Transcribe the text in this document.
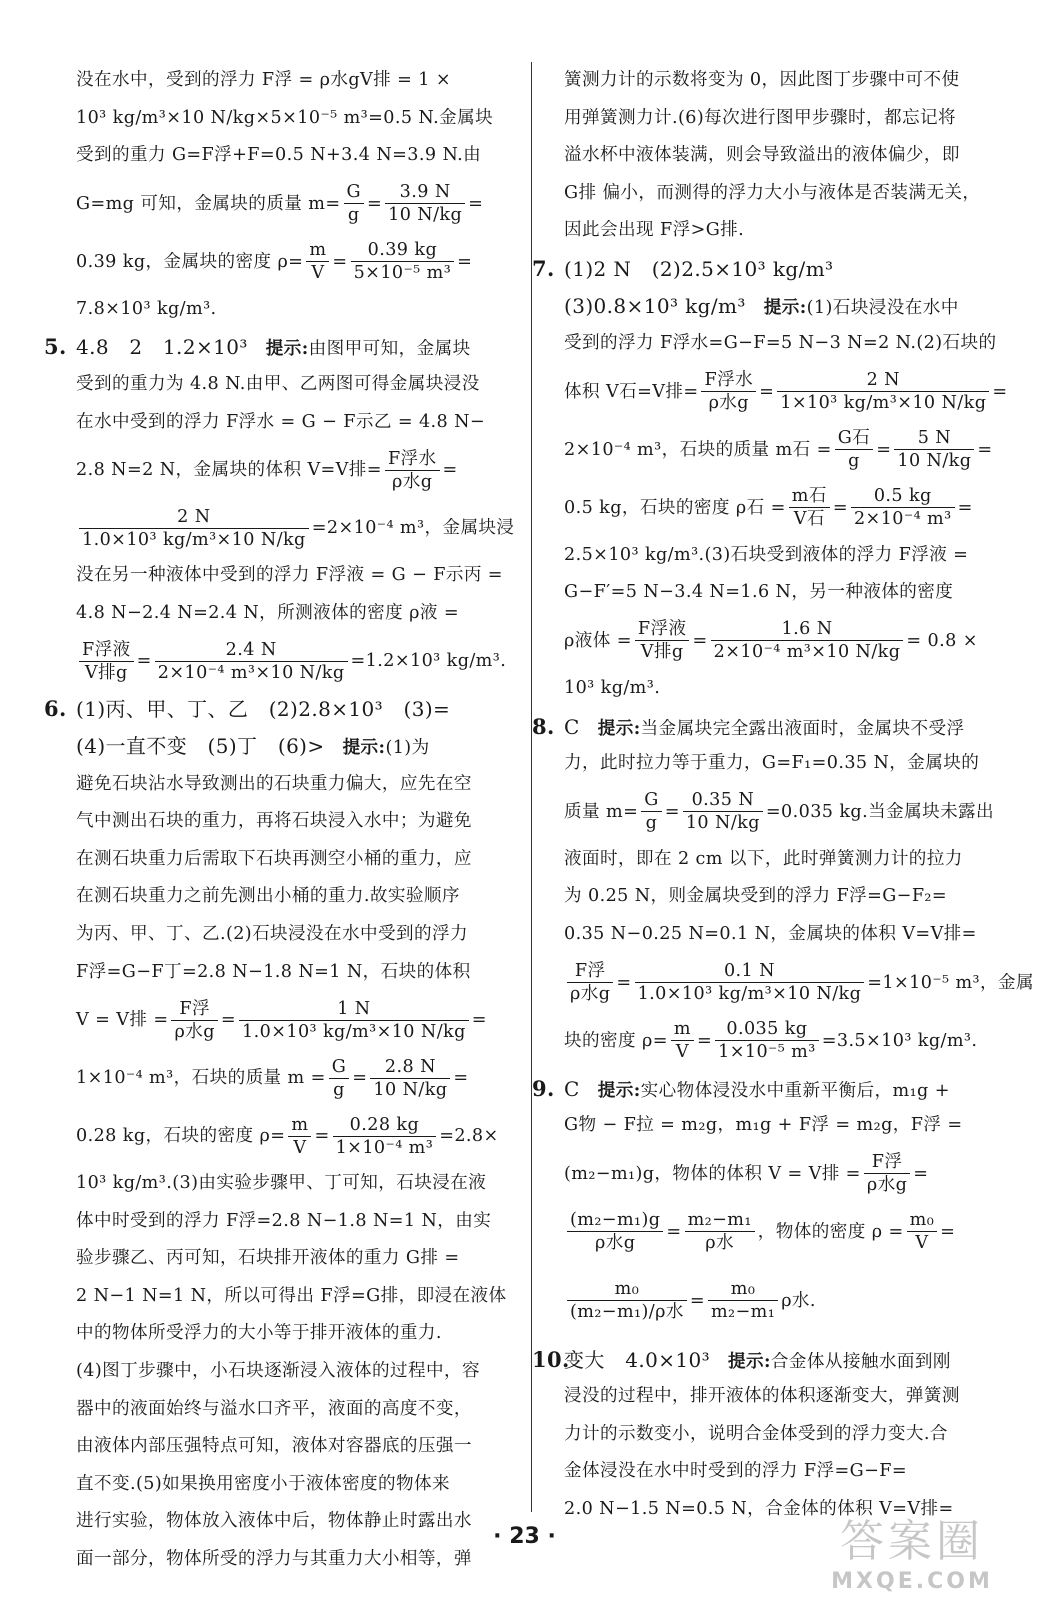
没在水中，受到的浮力 F浮 = ρ水gV排 = 1 ×
10³ kg/m³×10 N/kg×5×10⁻⁵ m³=0.5 N.金属块
受到的重力 G=F浮+F=0.5 N+3.4 N=3.9 N.由
G=mg 可知，金属块的质量 $m= \frac{G}{g} = \frac{3.9 N}{10 N/kg}$ =
0.39 kg，金属块的密度 $\rho= \frac{m}{V} = \frac{0.39 kg}{\text{5×10⁻⁵ m³}}$ =
7.8×10³ kg/m³.
5. 4.8　2　1.2×10³　 提示:由图甲可知，金属块
受到的重力为 4.8 N.由甲、乙两图可得金属块浸没
在水中受到的浮力 F浮水 = G − F示乙 = 4.8 N−
2.8 N=2 N，金属块的体积 V=V排= $\frac{\text{F浮水}}{\text{ρ水g}}$ =
$\frac{2 N}{\text{1.0×10³ kg/m³×10 N/kg}} =2\times 10^{-4}$ m³，金属块浸
没在另一种液体中受到的浮力 F浮液 = G − F示丙 =
4.8 N−2.4 N=2.4 N，所测液体的密度 ρ液 =
$\frac{\text{F浮液}}{\text{V排g}} = \frac{2.4 N}{\text{2×10⁻⁴ m³×10 N/kg}} =1.2\times 10^3$ kg/m³.
6. (1)丙、甲、丁、乙　(2)2.8×10³　(3)=
(4)一直不变　(5)丁　(6)>　 提示:(1)为
避免石块沾水导致测出的石块重力偏大，应先在空
气中测出石块的重力，再将石块浸入水中；为避免
在测石块重力后需取下石块再测空小桶的重力，应
在测石块重力之前先测出小桶的重力.故实验顺序
为丙、甲、丁、乙.(2)石块浸没在水中受到的浮力
F浮=G−F丁=2.8 N−1.8 N=1 N，石块的体积
V = V排 = $\frac{\text{F浮}}{\text{ρ水g}} = \frac{1 N}{\text{1.0×10³ kg/m³×10 N/kg}}$ =
1×10⁻⁴ m³，石块的质量 $m = \frac{G}{g} = \frac{2.8 N}{10 N/kg}$ =
0.28 kg，石块的密度 $\rho= \frac{m}{V} = \frac{0.28 kg}{\text{1×10⁻⁴ m³}} =2.8\times$
10³ kg/m³.(3)由实验步骤甲、丁可知，石块浸在液
体中时受到的浮力 F浮=2.8 N−1.8 N=1 N，由实
验步骤乙、丙可知，石块排开液体的重力 G排 =
2 N−1 N=1 N，所以可得出 F浮=G排，即浸在液体
中的物体所受浮力的大小等于排开液体的重力.
(4)图丁步骤中，小石块逐渐浸入液体的过程中，容
器中的液面始终与溢水口齐平，液面的高度不变，
由液体内部压强特点可知，液体对容器底的压强一
直不变.(5)如果换用密度小于液体密度的物体来
进行实验，物体放入液体中后，物体静止时露出水
面一部分，物体所受的浮力与其重力大小相等，弹
簧测力计的示数将变为 0，因此图丁步骤中可不使
用弹簧测力计.(6)每次进行图甲步骤时，都忘记将
溢水杯中液体装满，则会导致溢出的液体偏少，即
G排 偏小，而测得的浮力大小与液体是否装满无关，
因此会出现 F浮>G排.
7. (1)2 N　(2)2.5×10³ kg/m³
(3)0.8×10³ kg/m³　 提示:(1)石块浸没在水中
受到的浮力 F浮水=G−F=5 N−3 N=2 N.(2)石块的
体积 V石=V排= $\frac{\text{F浮水}}{\text{ρ水g}} = \frac{2 N}{\text{1×10³ kg/m³×10 N/kg}}$ =
2×10⁻⁴ m³，石块的质量 m石 = $\frac{\text{G石}}{g} = \frac{5 N}{10 N/kg}$ =
0.5 kg，石块的密度 ρ石 = $\frac{\text{m石}}{\text{V石}} = \frac{0.5 kg}{\text{2×10⁻⁴ m³}}$ =
2.5×10³ kg/m³.(3)石块受到液体的浮力 F浮液 =
G−F′=5 N−3.4 N=1.6 N，另一种液体的密度
ρ液体 = $\frac{\text{F浮液}}{\text{V排g}} = \frac{1.6 N}{\text{2×10⁻⁴ m³×10 N/kg}} = 0.8$ ×
10³ kg/m³.
8. C　 提示:当金属块完全露出液面时，金属块不受浮
力，此时拉力等于重力，G=F₁=0.35 N，金属块的
质量 $m= \frac{G}{g} = \frac{0.35 N}{10 N/kg} =0.035$ kg.当金属块未露出
液面时，即在 2 cm 以下，此时弹簧测力计的拉力
为 0.25 N，则金属块受到的浮力 F浮=G−F₂=
0.35 N−0.25 N=0.1 N，金属块的体积 V=V排=
$\frac{\text{F浮}}{\text{ρ水g}} = \frac{0.1 N}{\text{1.0×10³ kg/m³×10 N/kg}} =1\times 10^{-5}$ m³，金属
块的密度 $\rho= \frac{m}{V} = \frac{0.035 kg}{\text{1×10⁻⁵ m³}} =3.5\times 10^3$ kg/m³.
9. C　 提示:实心物体浸没水中重新平衡后，m₁g +
G物 − F拉 = m₂g，m₁g + F浮 = m₂g，F浮 =
(m₂−m₁)g，物体的体积 V = V排 = $\frac{\text{F浮}}{\text{ρ水g}}$ =
$\frac{\text{(m₂−m₁)g}}{\text{ρ水g}} = \frac{\text{m₂−m₁}}{\text{ρ水}}$ ，物体的密度 $\rho = \frac{\text{m₀}}{V}$ =
$\frac{\text{m₀}}{\text{(m₂−m₁)/ρ水}} = \frac{\text{m₀}}{\text{m₂−m₁}}$ ρ水.
10.变大　4.0×10³　 提示:合金体从接触水面到刚
浸没的过程中，排开液体的体积逐渐变大，弹簧测
力计的示数变小，说明合金体受到的浮力变大.合
金体浸没在水中时受到的浮力 F浮=G−F=
2.0 N−1.5 N=0.5 N，合金体的体积 V=V排=
· 23 ·	答案圈
MXQE.COM
